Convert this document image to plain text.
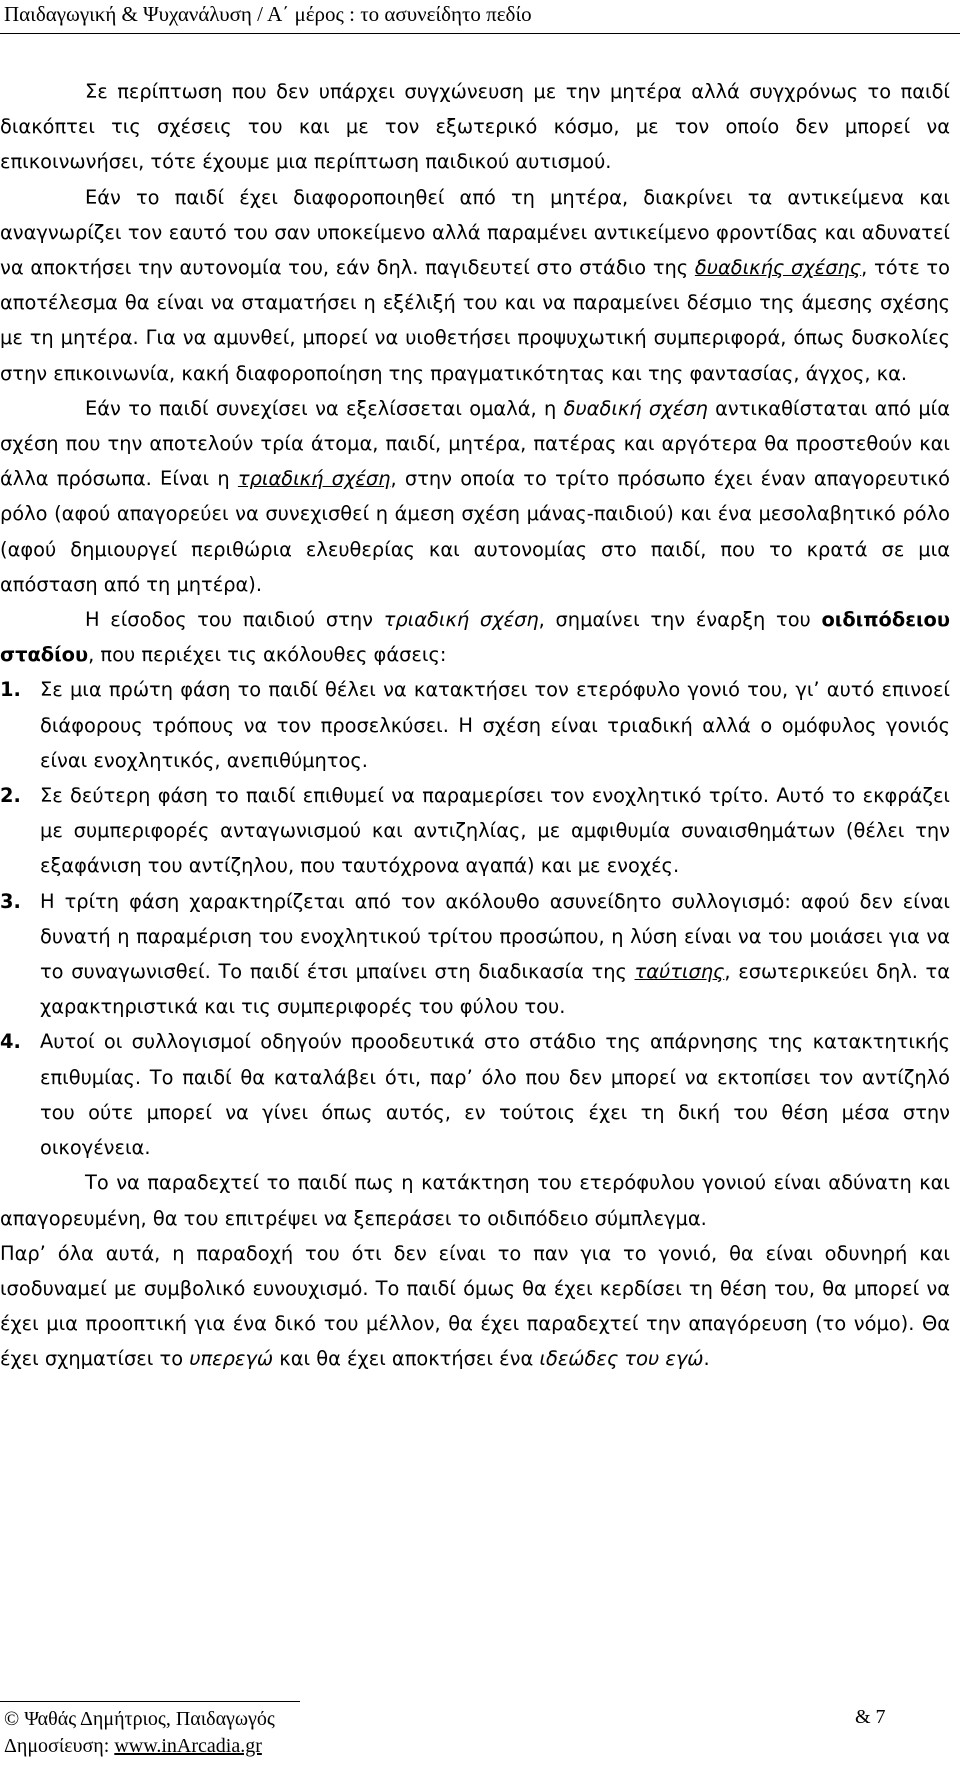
Παιδαγωγική & Ψυχανάλυση / Α΄ μέρος : το ασυνείδητο πεδίο

Σε περίπτωση που δεν υπάρχει συγχώνευση με την μητέρα αλλά συγχρόνως το παιδί διακόπτει τις σχέσεις του και με τον εξωτερικό κόσμο, με τον οποίο δεν μπορεί να επικοινωνήσει, τότε έχουμε μια περίπτωση παιδικού αυτισμού.

Εάν το παιδί έχει διαφοροποιηθεί από τη μητέρα, διακρίνει τα αντικείμενα και αναγνωρίζει τον εαυτό του σαν υποκείμενο αλλά παραμένει αντικείμενο φροντίδας και αδυνατεί να αποκτήσει την αυτονομία του, εάν δηλ. παγιδευτεί στο στάδιο της δυαδικής σχέσης, τότε το αποτέλεσμα θα είναι να σταματήσει η εξέλιξή του και να παραμείνει δέσμιο της άμεσης σχέσης με τη μητέρα. Για να αμυνθεί, μπορεί να υιοθετήσει προψυχωτική συμπεριφορά, όπως δυσκολίες στην επικοινωνία, κακή διαφοροποίηση της πραγματικότητας και της φαντασίας, άγχος, κα.

Εάν το παιδί συνεχίσει να εξελίσσεται ομαλά, η δυαδική σχέση αντικαθίσταται από μία σχέση που την αποτελούν τρία άτομα, παιδί, μητέρα, πατέρας και αργότερα θα προστεθούν και άλλα πρόσωπα. Είναι η τριαδική σχέση, στην οποία το τρίτο πρόσωπο έχει έναν απαγορευτικό ρόλο (αφού απαγορεύει να συνεχισθεί η άμεση σχέση μάνας-παιδιού) και ένα μεσολαβητικό ρόλο (αφού δημιουργεί περιθώρια ελευθερίας και αυτονομίας στο παιδί, που το κρατά σε μια απόσταση από τη μητέρα).

Η είσοδος του παιδιού στην τριαδική σχέση, σημαίνει την έναρξη του οιδιπόδειου σταδίου, που περιέχει τις ακόλουθες φάσεις:

1. Σε μια πρώτη φάση το παιδί θέλει να κατακτήσει τον ετερόφυλο γονιό του, γι’ αυτό επινοεί διάφορους τρόπους να τον προσελκύσει. Η σχέση είναι τριαδική αλλά ο ομόφυλος γονιός είναι ενοχλητικός, ανεπιθύμητος.
2. Σε δεύτερη φάση το παιδί επιθυμεί να παραμερίσει τον ενοχλητικό τρίτο. Αυτό το εκφράζει με συμπεριφορές ανταγωνισμού και αντιζηλίας, με αμφιθυμία συναισθημάτων (θέλει την εξαφάνιση του αντίζηλου, που ταυτόχρονα αγαπά) και με ενοχές.
3. Η τρίτη φάση χαρακτηρίζεται από τον ακόλουθο ασυνείδητο συλλογισμό: αφού δεν είναι δυνατή η παραμέριση του ενοχλητικού τρίτου προσώπου, η λύση είναι να του μοιάσει για να το συναγωνισθεί. Το παιδί έτσι μπαίνει στη διαδικασία της ταύτισης, εσωτερικεύει δηλ. τα χαρακτηριστικά και τις συμπεριφορές του φύλου του.
4. Αυτοί οι συλλογισμοί οδηγούν προοδευτικά στο στάδιο της απάρνησης της κατακτητικής επιθυμίας. Το παιδί θα καταλάβει ότι, παρ’ όλο που δεν μπορεί να εκτοπίσει τον αντίζηλό του ούτε μπορεί να γίνει όπως αυτός, εν τούτοις έχει τη δική του θέση μέσα στην οικογένεια.

Το να παραδεχτεί το παιδί πως η κατάκτηση του ετερόφυλου γονιού είναι αδύνατη και απαγορευμένη, θα του επιτρέψει να ξεπεράσει το οιδιπόδειο σύμπλεγμα.

Παρ’ όλα αυτά, η παραδοχή του ότι δεν είναι το παν για το γονιό, θα είναι οδυνηρή και ισοδυναμεί με συμβολικό ευνουχισμό. Το παιδί όμως θα έχει κερδίσει τη θέση του, θα μπορεί να έχει μια προοπτική για ένα δικό του μέλλον, θα έχει παραδεχτεί την απαγόρευση (το νόμο). Θα έχει σχηματίσει το υπερεγώ και θα έχει αποκτήσει ένα ιδεώδες του εγώ.

© Ψαθάς Δημήτριος, Παιδαγωγός
Δημοσίευση: www.inArcadia.gr
& 7
